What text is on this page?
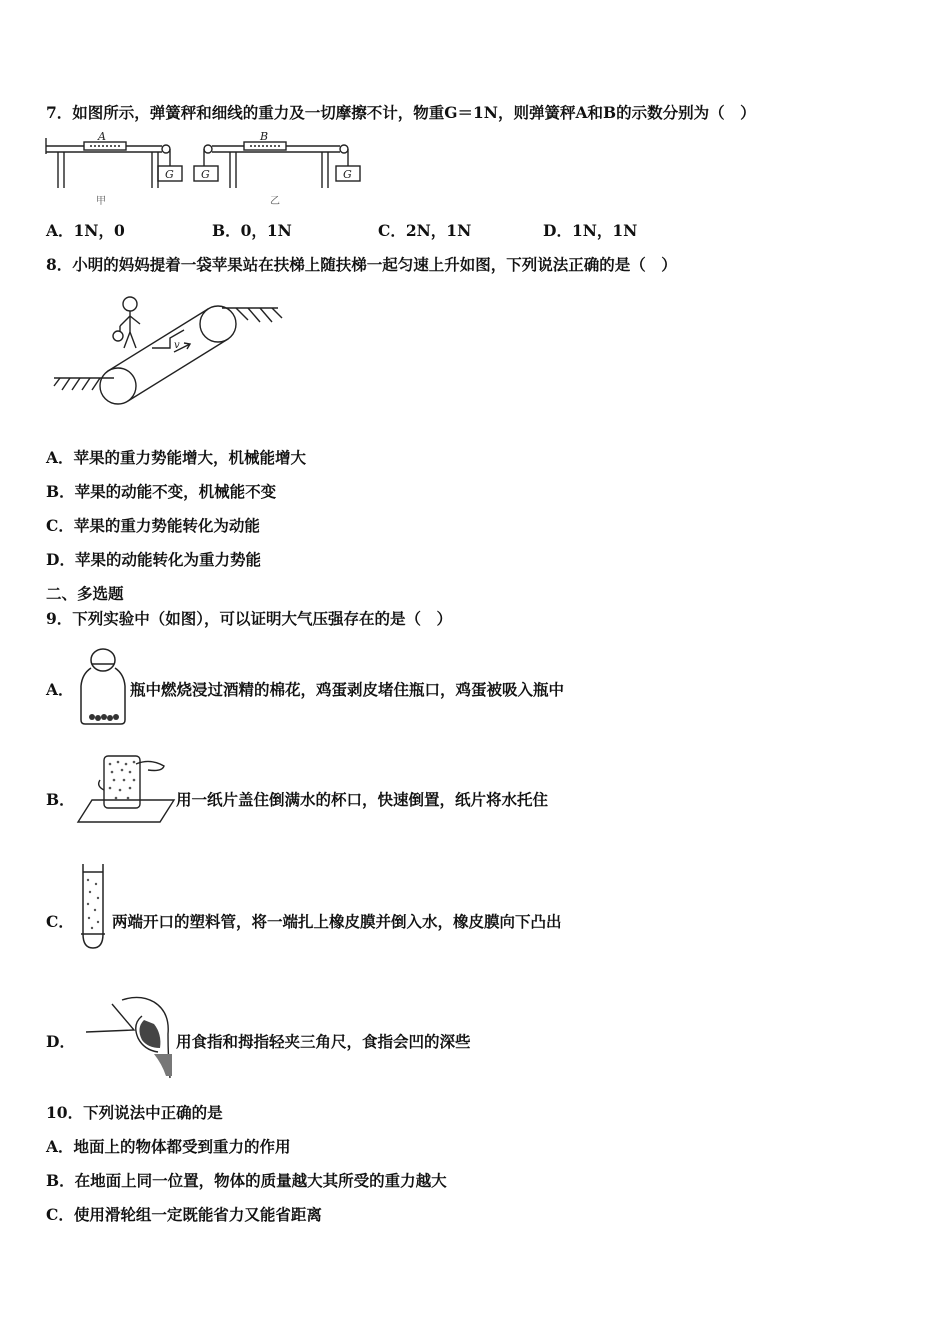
7．如图所示，弹簧秤和细线的重力及一切摩擦不计，物重G＝1N，则弹簧秤A和B的示数分别为（　）
A	B
G G	G
甲	乙
A．1N，0	B．0，1N	C．2N，1N	D．1N，1N
8．小明的妈妈提着一袋苹果站在扶梯上随扶梯一起匀速上升如图，下列说法正确的是（　）
v
A．苹果的重力势能增大，机械能增大
B．苹果的动能不变，机械能不变
C．苹果的重力势能转化为动能
D．苹果的动能转化为重力势能
二、多选题
9．下列实验中（如图），可以证明大气压强存在的是（　）
A．	瓶中燃烧浸过酒精的棉花，鸡蛋剥皮堵住瓶口，鸡蛋被吸入瓶中
B．	用一纸片盖住倒满水的杯口，快速倒置，纸片将水托住
C． 两端开口的塑料管，将一端扎上橡皮膜并倒入水，橡皮膜向下凸出
D．	用食指和拇指轻夹三角尺，食指会凹的深些
10．下列说法中正确的是
A．地面上的物体都受到重力的作用
B．在地面上同一位置，物体的质量越大其所受的重力越大
C．使用滑轮组一定既能省力又能省距离
